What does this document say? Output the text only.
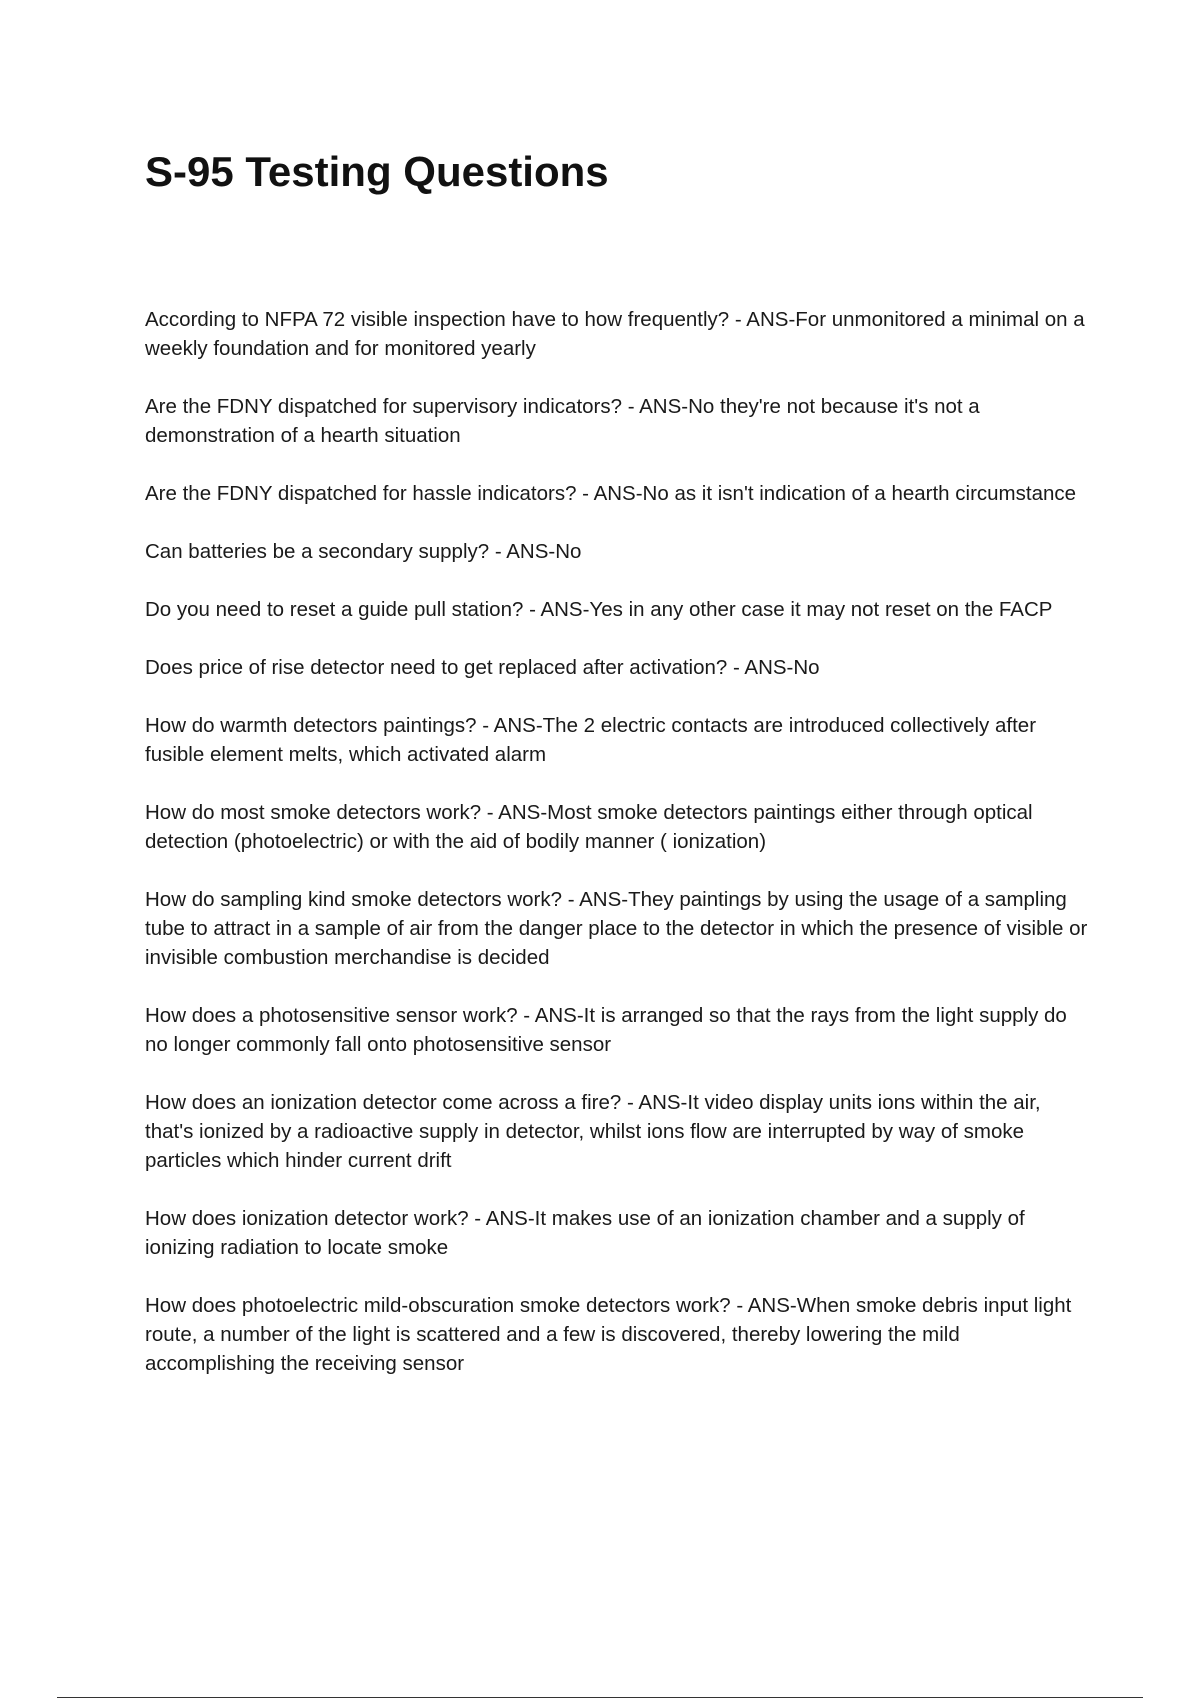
S-95 Testing Questions
According to NFPA 72 visible inspection have to how frequently? - ANS-For unmonitored a minimal on a weekly foundation and for monitored yearly
Are the FDNY dispatched for supervisory indicators? - ANS-No they're not because it's not a demonstration of a hearth situation
Are the FDNY dispatched for hassle indicators? - ANS-No as it isn't indication of a hearth circumstance
Can batteries be a secondary supply? - ANS-No
Do you need to reset a guide pull station? - ANS-Yes in any other case it may not reset on the FACP
Does price of rise detector need to get replaced after activation? - ANS-No
How do warmth detectors paintings? - ANS-The 2 electric contacts are introduced collectively after fusible element melts, which activated alarm
How do most smoke detectors work? - ANS-Most smoke detectors paintings either through optical detection (photoelectric) or with the aid of bodily manner ( ionization)
How do sampling kind smoke detectors work? - ANS-They paintings by using the usage of a sampling tube to attract in a sample of air from the danger place to the detector in which the presence of visible or invisible combustion merchandise is decided
How does a photosensitive sensor work? - ANS-It is arranged so that the rays from the light supply do no longer commonly fall onto photosensitive sensor
How does an ionization detector come across a fire? - ANS-It video display units ions within the air, that's ionized by a radioactive supply in detector, whilst ions flow are interrupted by way of smoke particles which hinder current drift
How does ionization detector work? - ANS-It makes use of an ionization chamber and a supply of ionizing radiation to locate smoke
How does photoelectric mild-obscuration smoke detectors work? - ANS-When smoke debris input light route, a number of the light is scattered and a few is discovered, thereby lowering the mild accomplishing the receiving sensor
